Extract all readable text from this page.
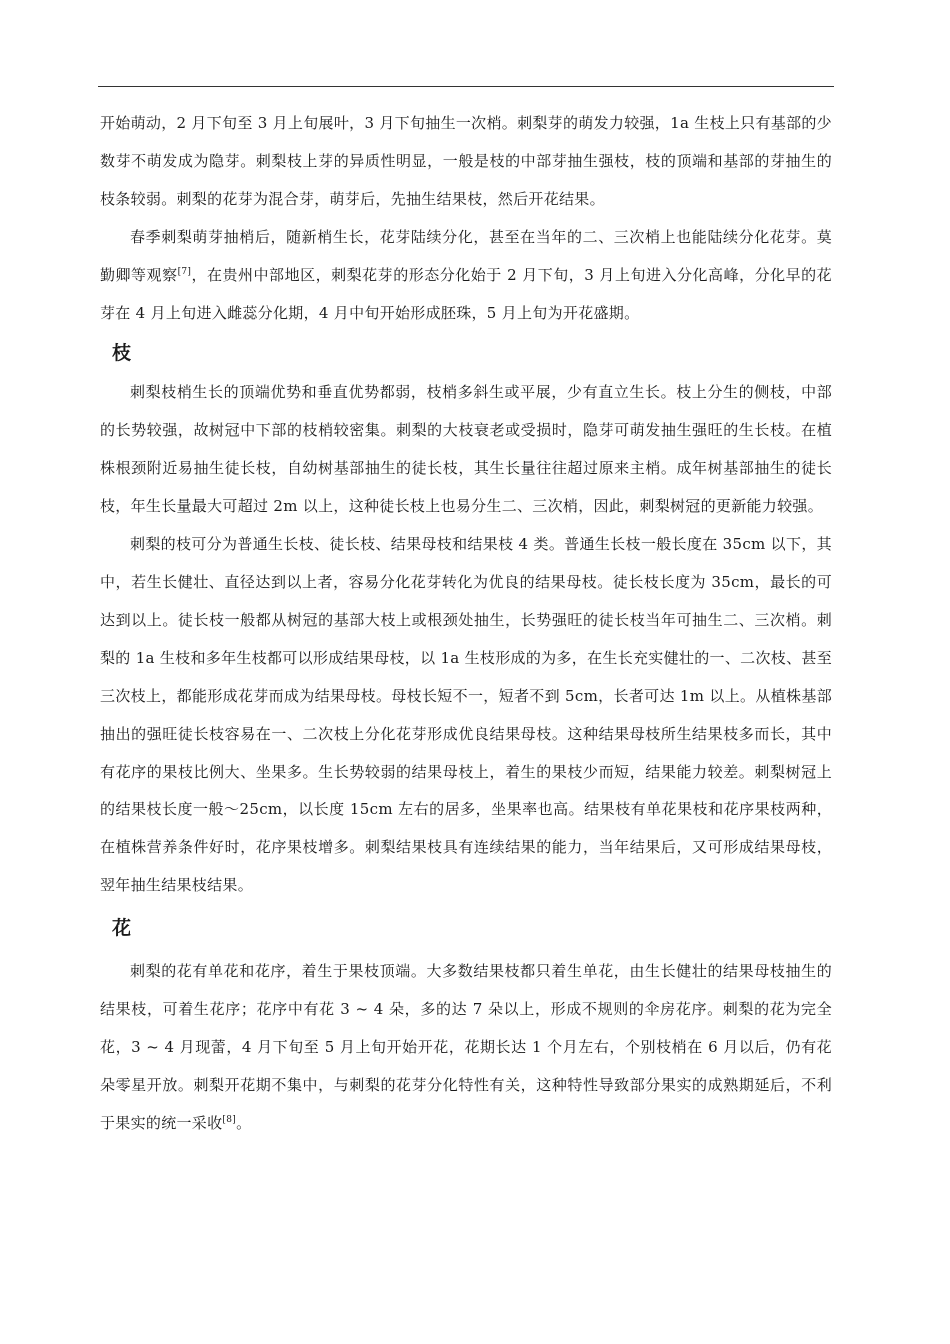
开始萌动，2 月下旬至 3 月上旬展叶，3 月下旬抽生一次梢。刺梨芽的萌发力较强，1a 生枝上只有基部的少数芽不萌发成为隐芽。刺梨枝上芽的异质性明显，一般是枝的中部芽抽生强枝，枝的顶端和基部的芽抽生的枝条较弱。刺梨的花芽为混合芽，萌芽后，先抽生结果枝，然后开花结果。

春季刺梨萌芽抽梢后，随新梢生长，花芽陆续分化，甚至在当年的二、三次梢上也能陆续分化花芽。莫勤卿等观察[7]，在贵州中部地区，刺梨花芽的形态分化始于 2 月下旬，3 月上旬进入分化高峰，分化早的花芽在 4 月上旬进入雌蕊分化期，4 月中旬开始形成胚珠，5 月上旬为开花盛期。

枝

刺梨枝梢生长的顶端优势和垂直优势都弱，枝梢多斜生或平展，少有直立生长。枝上分生的侧枝，中部的长势较强，故树冠中下部的枝梢较密集。刺梨的大枝衰老或受损时，隐芽可萌发抽生强旺的生长枝。在植株根颈附近易抽生徒长枝，自幼树基部抽生的徒长枝，其生长量往往超过原来主梢。成年树基部抽生的徒长枝，年生长量最大可超过 2m 以上，这种徒长枝上也易分生二、三次梢，因此，刺梨树冠的更新能力较强。

刺梨的枝可分为普通生长枝、徒长枝、结果母枝和结果枝 4 类。普通生长枝一般长度在 35cm 以下，其中，若生长健壮、直径达到以上者，容易分化花芽转化为优良的结果母枝。徒长枝长度为 35cm，最长的可达到以上。徒长枝一般都从树冠的基部大枝上或根颈处抽生，长势强旺的徒长枝当年可抽生二、三次梢。刺梨的 1a 生枝和多年生枝都可以形成结果母枝，以 1a 生枝形成的为多，在生长充实健壮的一、二次枝、甚至三次枝上，都能形成花芽而成为结果母枝。母枝长短不一，短者不到 5cm，长者可达 1m 以上。从植株基部抽出的强旺徒长枝容易在一、二次枝上分化花芽形成优良结果母枝。这种结果母枝所生结果枝多而长，其中有花序的果枝比例大、坐果多。生长势较弱的结果母枝上，着生的果枝少而短，结果能力较差。刺梨树冠上的结果枝长度一般～25cm，以长度 15cm 左右的居多，坐果率也高。结果枝有单花果枝和花序果枝两种，在植株营养条件好时，花序果枝增多。刺梨结果枝具有连续结果的能力，当年结果后，又可形成结果母枝，翌年抽生结果枝结果。

花

刺梨的花有单花和花序，着生于果枝顶端。大多数结果枝都只着生单花，由生长健壮的结果母枝抽生的结果枝，可着生花序；花序中有花 3 ~ 4 朵，多的达 7 朵以上，形成不规则的伞房花序。刺梨的花为完全花，3 ~ 4 月现蕾，4 月下旬至 5 月上旬开始开花，花期长达 1 个月左右，个别枝梢在 6 月以后，仍有花朵零星开放。刺梨开花期不集中，与刺梨的花芽分化特性有关，这种特性导致部分果实的成熟期延后，不利于果实的统一采收[8]。
